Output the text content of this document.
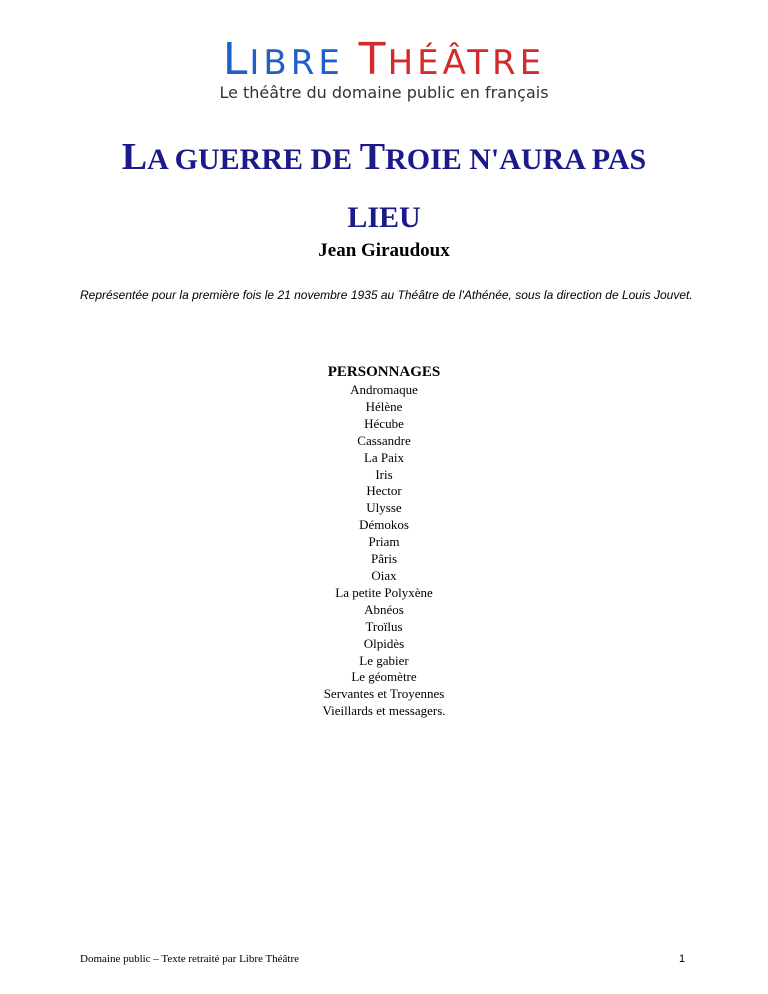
LIBRE THÉÂTRE
Le théâtre du domaine public en français
LA GUERRE DE TROIE N'AURA PAS
LIEU
Jean Giraudoux

Représentée pour la première fois le 21 novembre 1935 au Théâtre de l'Athénée, sous la direction de Louis Jouvet.

PERSONNAGES
Andromaque
Hélène
Hécube
Cassandre
La Paix
Iris
Hector
Ulysse
Démokos
Priam
Pâris
Oiax
La petite Polyxène
Abnéos
Troïlus
Olpidès
Le gabier
Le géomètre
Servantes et Troyennes
Vieillards et messagers.
Domaine public – Texte retraité par Libre Théâtre	1
